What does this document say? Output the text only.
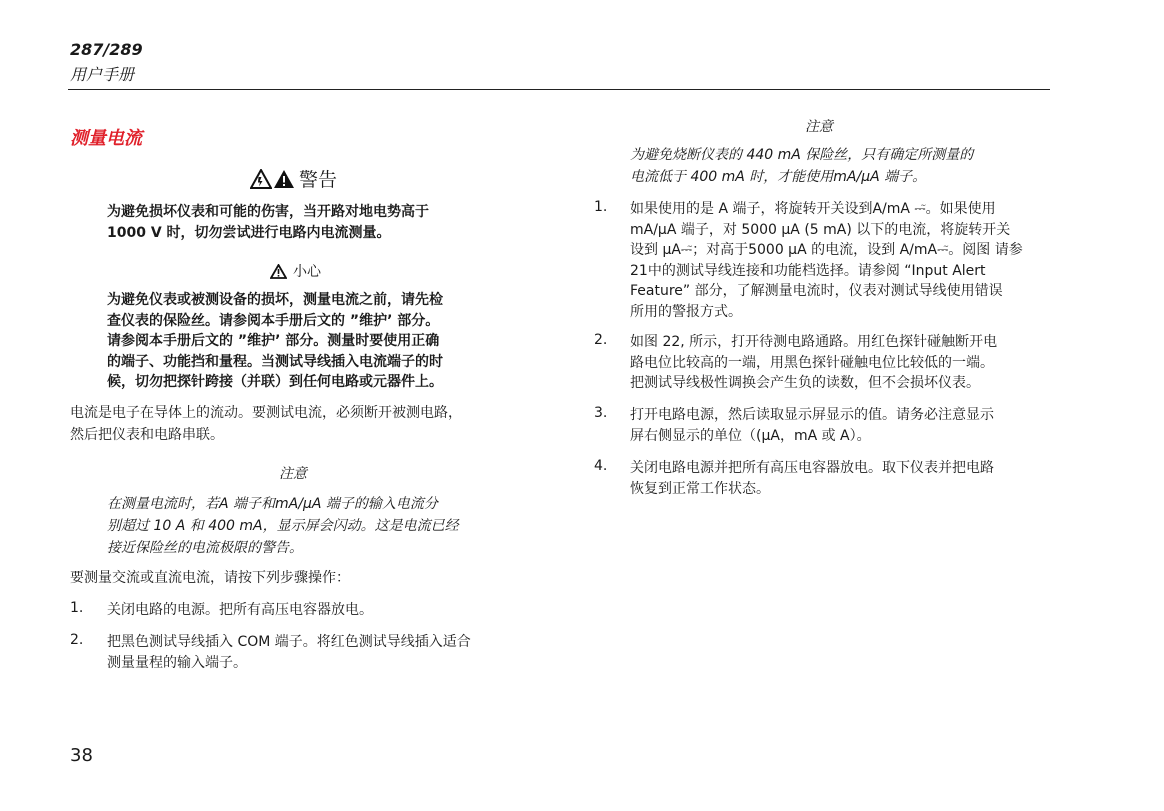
287/289
用户手册
测量电流
警告
为避免损坏仪表和可能的伤害，当开路对地电势高于
1000 V 时，切勿尝试进行电路内电流测量。
小心
为避免仪表或被测设备的损坏，测量电流之前，请先检
查仪表的保险丝。请参阅本手册后文的 ”维护’ 部分。
请参阅本手册后文的 ”维护’ 部分。测量时要使用正确
的端子、功能挡和量程。当测试导线插入电流端子的时
候，切勿把探针跨接（并联）到任何电路或元器件上。
电流是电子在导体上的流动。要测试电流，必须断开被测电路，
然后把仪表和电路串联。
注意
在测量电流时，若A 端子和mA/µA 端子的输入电流分
别超过 10 A 和 400 mA，显示屏会闪动。这是电流已经
接近保险丝的电流极限的警告。
要测量交流或直流电流，请按下列步骤操作：
1. 关闭电路的电源。把所有高压电容器放电。
2. 把黑色测试导线插入 COM 端子。将红色测试导线插入适合
测量量程的输入端子。
注意
为避免烧断仪表的 440 mA 保险丝，只有确定所测量的
电流低于 400 mA 时，才能使用mA/µA 端子。
1. 如果使用的是 A 端子，将旋转开关设到A/mA ⎓̃。如果使用
mA/µA 端子，对 5000 µA (5 mA) 以下的电流，将旋转开关
设到 µA⎓̃；对高于5000 µA 的电流，设到 A/mA⎓̃。阅图 请参
21中的测试导线连接和功能档选择。请参阅 “Input Alert
Feature” 部分，了解测量电流时，仪表对测试导线使用错误
所用的警报方式。
2. 如图 22, 所示，打开待测电路通路。用红色探针碰触断开电
路电位比较高的一端，用黑色探针碰触电位比较低的一端。
把测试导线极性调换会产生负的读数，但不会损坏仪表。
3. 打开电路电源，然后读取显示屏显示的值。请务必注意显示
屏右侧显示的单位（(µA，mA 或 A）。
4. 关闭电路电源并把所有高压电容器放电。取下仪表并把电路
恢复到正常工作状态。
38
